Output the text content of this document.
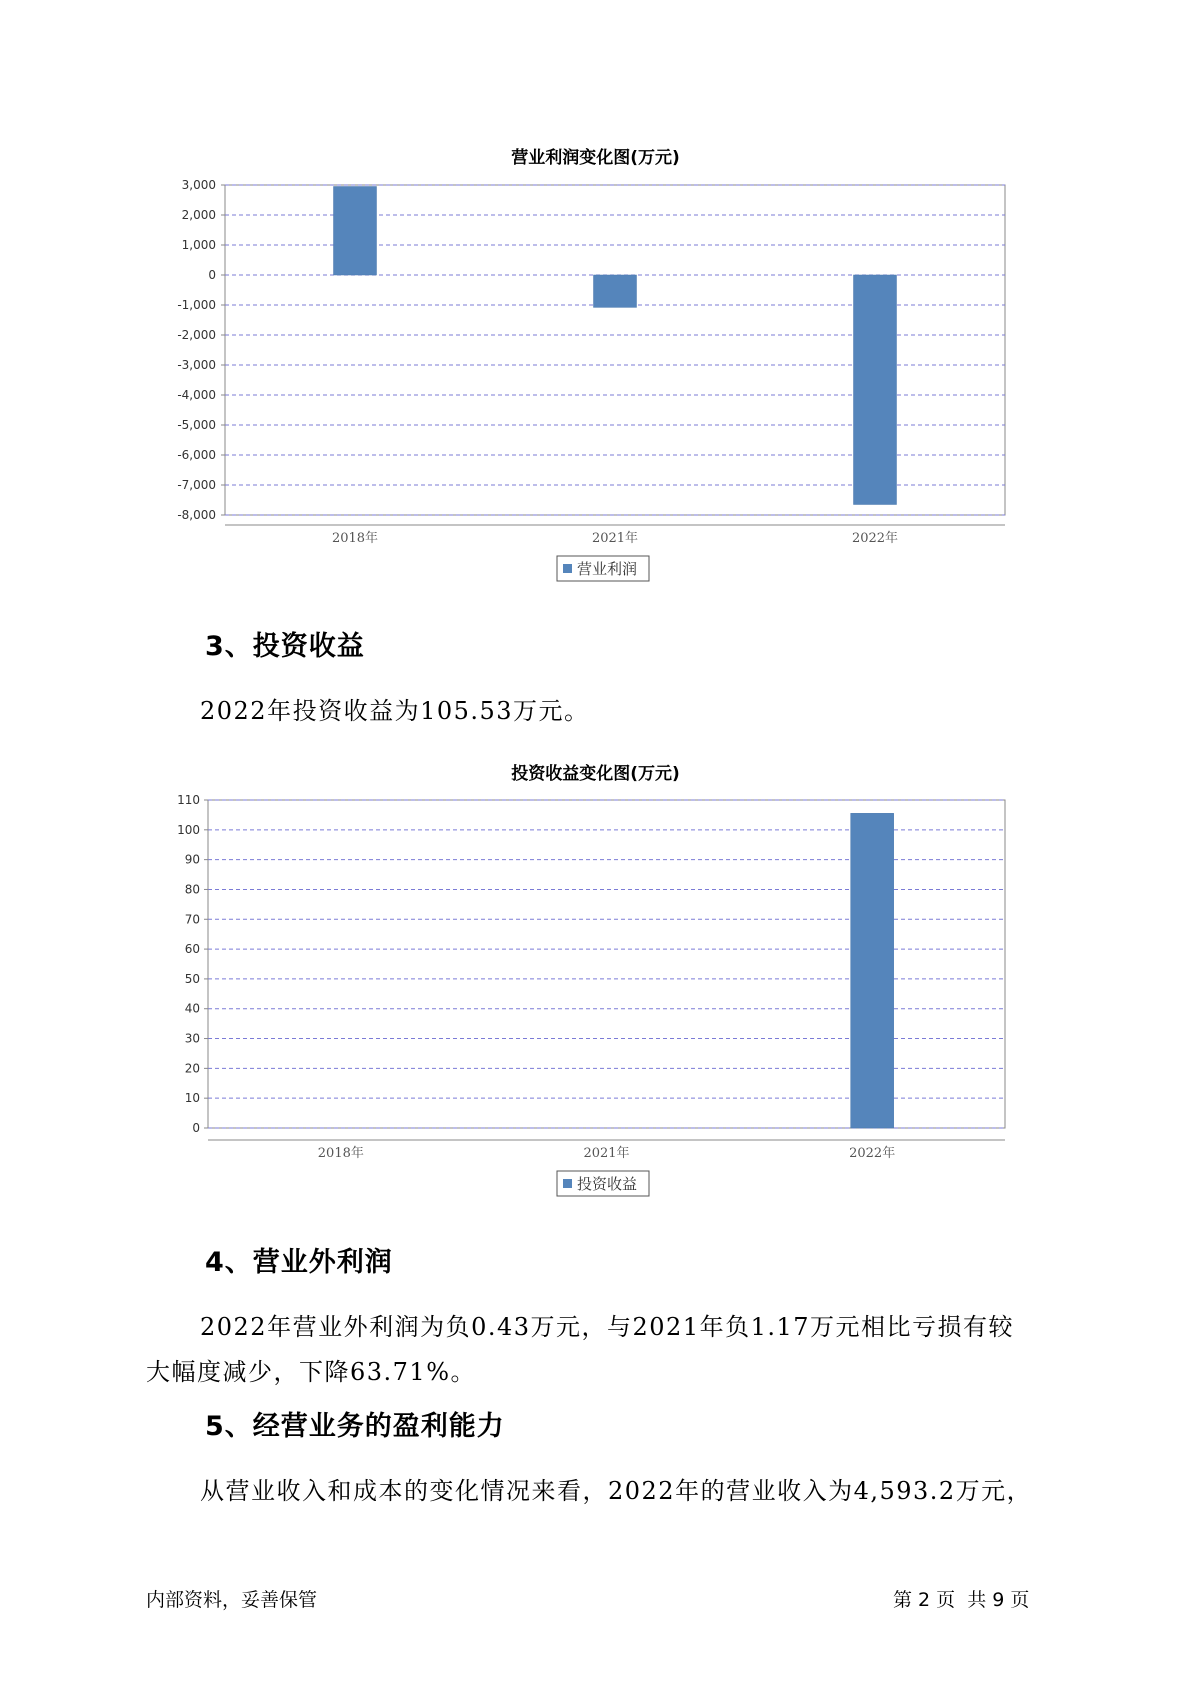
营业利润变化图(万元)
3,000
2,000
1,000
0
-1,000
-2,000
-3,000
-4,000
-5,000
-6,000
-7,000
-8,000
2018年	2021年	2022年
营业利润
3、投资收益
2022年投资收益为105.53万元。
投资收益变化图(万元)
110
100
90
80
70
60
50
40
30
20
10
0
2018年	2021年	2022年
投资收益
4、营业外利润
2022年营业外利润为负0.43万元，与2021年负1.17万元相比亏损有较
大幅度减少，下降63.71%。
5、经营业务的盈利能力
从营业收入和成本的变化情况来看，2022年的营业收入为4,593.2万元，
内部资料，妥善保管	第 2 页  共 9 页
